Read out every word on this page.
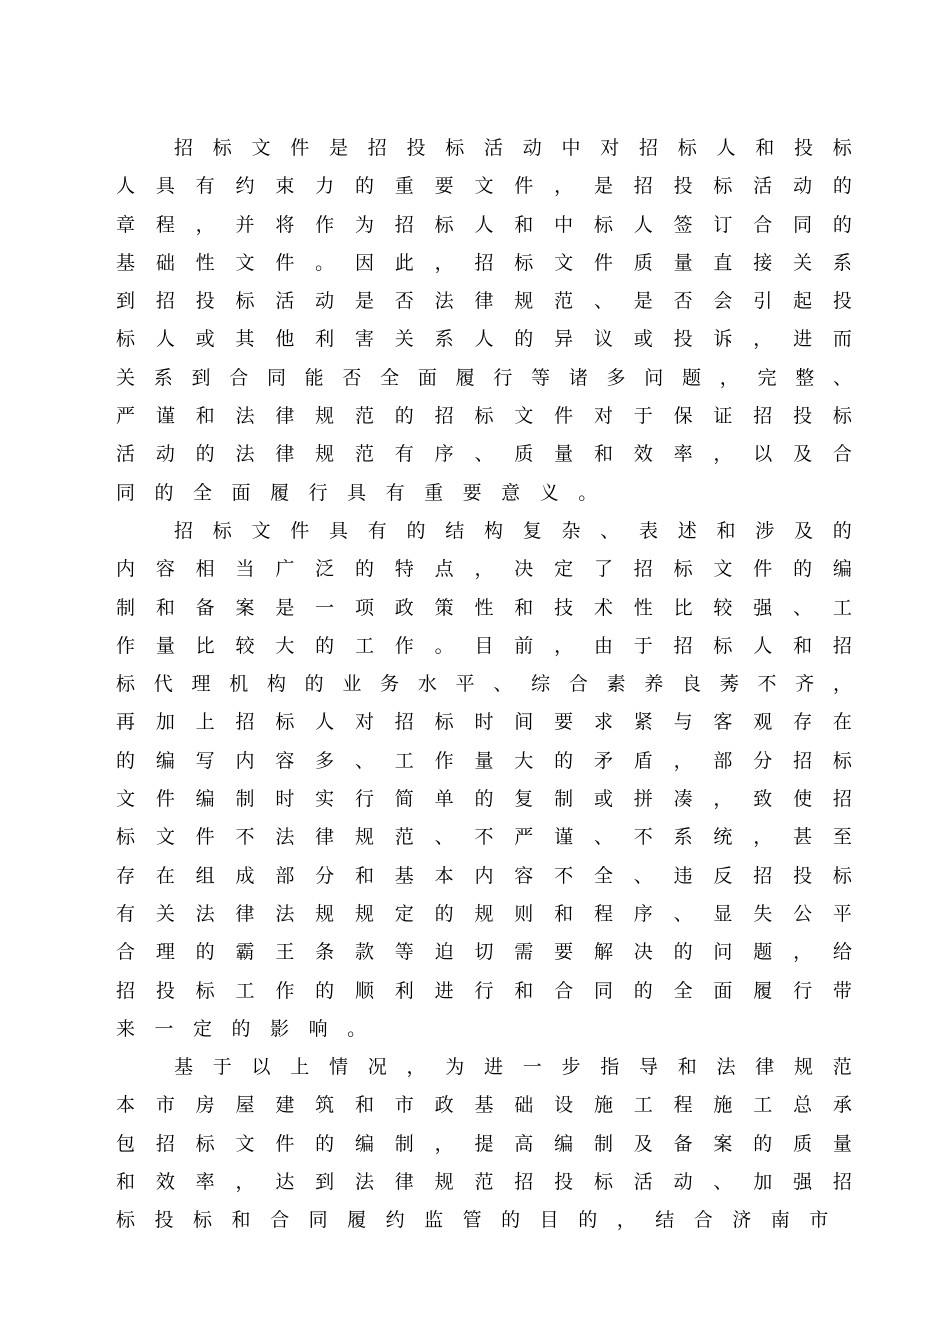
招 标 文 件 是 招 投 标 活 动 中 对 招 标 人 和 投 标
人 具 有 约 束 力 的 重 要 文 件 ， 是 招 投 标 活 动 的
章 程 ， 并 将 作 为 招 标 人 和 中 标 人 签 订 合 同 的
基 础 性 文 件 。 因 此 ， 招 标 文 件 质 量 直 接 关 系
到 招 投 标 活 动 是 否 法 律 规 范 、 是 否 会 引 起 投
标 人 或 其 他 利 害 关 系 人 的 异 议 或 投 诉 ， 进 而
关 系 到 合 同 能 否 全 面 履 行 等 诸 多 问 题 ， 完 整 、
严 谨 和 法 律 规 范 的 招 标 文 件 对 于 保 证 招 投 标
活 动 的 法 律 规 范 有 序 、 质 量 和 效 率 ， 以 及 合
同 的 全 面 履 行 具 有 重 要 意 义 。
招 标 文 件 具 有 的 结 构 复 杂 、 表 述 和 涉 及 的
内 容 相 当 广 泛 的 特 点 ， 决 定 了 招 标 文 件 的 编
制 和 备 案 是 一 项 政 策 性 和 技 术 性 比 较 强 、 工
作 量 比 较 大 的 工 作 。 目 前 ， 由 于 招 标 人 和 招
标 代 理 机 构 的 业 务 水 平 、 综 合 素 养 良 莠 不 齐 ，
再 加 上 招 标 人 对 招 标 时 间 要 求 紧 与 客 观 存 在
的 编 写 内 容 多 、 工 作 量 大 的 矛 盾 ， 部 分 招 标
文 件 编 制 时 实 行 简 单 的 复 制 或 拼 凑 ， 致 使 招
标 文 件 不 法 律 规 范 、 不 严 谨 、 不 系 统 ， 甚 至
存 在 组 成 部 分 和 基 本 内 容 不 全 、 违 反 招 投 标
有 关 法 律 法 规 规 定 的 规 则 和 程 序 、 显 失 公 平
合 理 的 霸 王 条 款 等 迫 切 需 要 解 决 的 问 题 ， 给
招 投 标 工 作 的 顺 利 进 行 和 合 同 的 全 面 履 行 带
来 一 定 的 影 响 。
基 于 以 上 情 况 ， 为 进 一 步 指 导 和 法 律 规 范
本 市 房 屋 建 筑 和 市 政 基 础 设 施 工 程 施 工 总 承
包 招 标 文 件 的 编 制 ， 提 高 编 制 及 备 案 的 质 量
和 效 率 ， 达 到 法 律 规 范 招 投 标 活 动 、 加 强 招
标 投 标 和 合 同 履 约 监 管 的 目 的 ， 结 合 济 南 市
